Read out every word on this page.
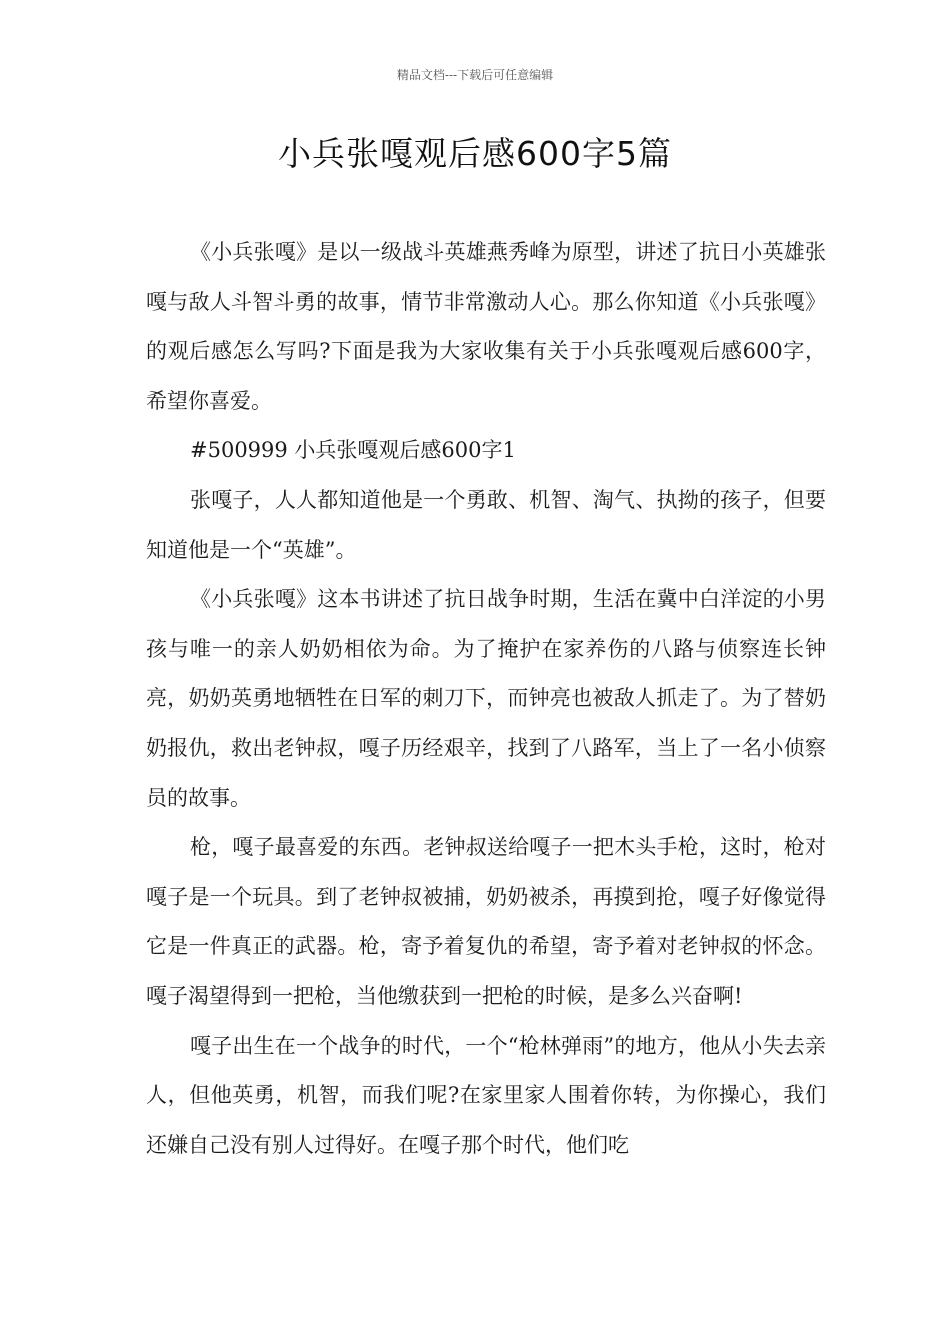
精品文档---下载后可任意编辑
小兵张嘎观后感600字5篇

《小兵张嘎》是以一级战斗英雄燕秀峰为原型，讲述了抗日小英雄张嘎与敌人斗智斗勇的故事，情节非常激动人心。那么你知道《小兵张嘎》的观后感怎么写吗?下面是我为大家收集有关于小兵张嘎观后感600字，希望你喜爱。

#500999 小兵张嘎观后感600字1

张嘎子，人人都知道他是一个勇敢、机智、淘气、执拗的孩子，但要知道他是一个“英雄”。

《小兵张嘎》这本书讲述了抗日战争时期，生活在冀中白洋淀的小男孩与唯一的亲人奶奶相依为命。为了掩护在家养伤的八路与侦察连长钟亮，奶奶英勇地牺牲在日军的刺刀下，而钟亮也被敌人抓走了。为了替奶奶报仇，救出老钟叔，嘎子历经艰辛，找到了八路军，当上了一名小侦察员的故事。

枪，嘎子最喜爱的东西。老钟叔送给嘎子一把木头手枪，这时，枪对嘎子是一个玩具。到了老钟叔被捕，奶奶被杀，再摸到抢，嘎子好像觉得它是一件真正的武器。枪，寄予着复仇的希望，寄予着对老钟叔的怀念。嘎子渴望得到一把枪，当他缴获到一把枪的时候，是多么兴奋啊!

嘎子出生在一个战争的时代，一个“枪林弹雨”的地方，他从小失去亲人，但他英勇，机智，而我们呢?在家里家人围着你转，为你操心，我们还嫌自己没有别人过得好。在嘎子那个时代，他们吃
